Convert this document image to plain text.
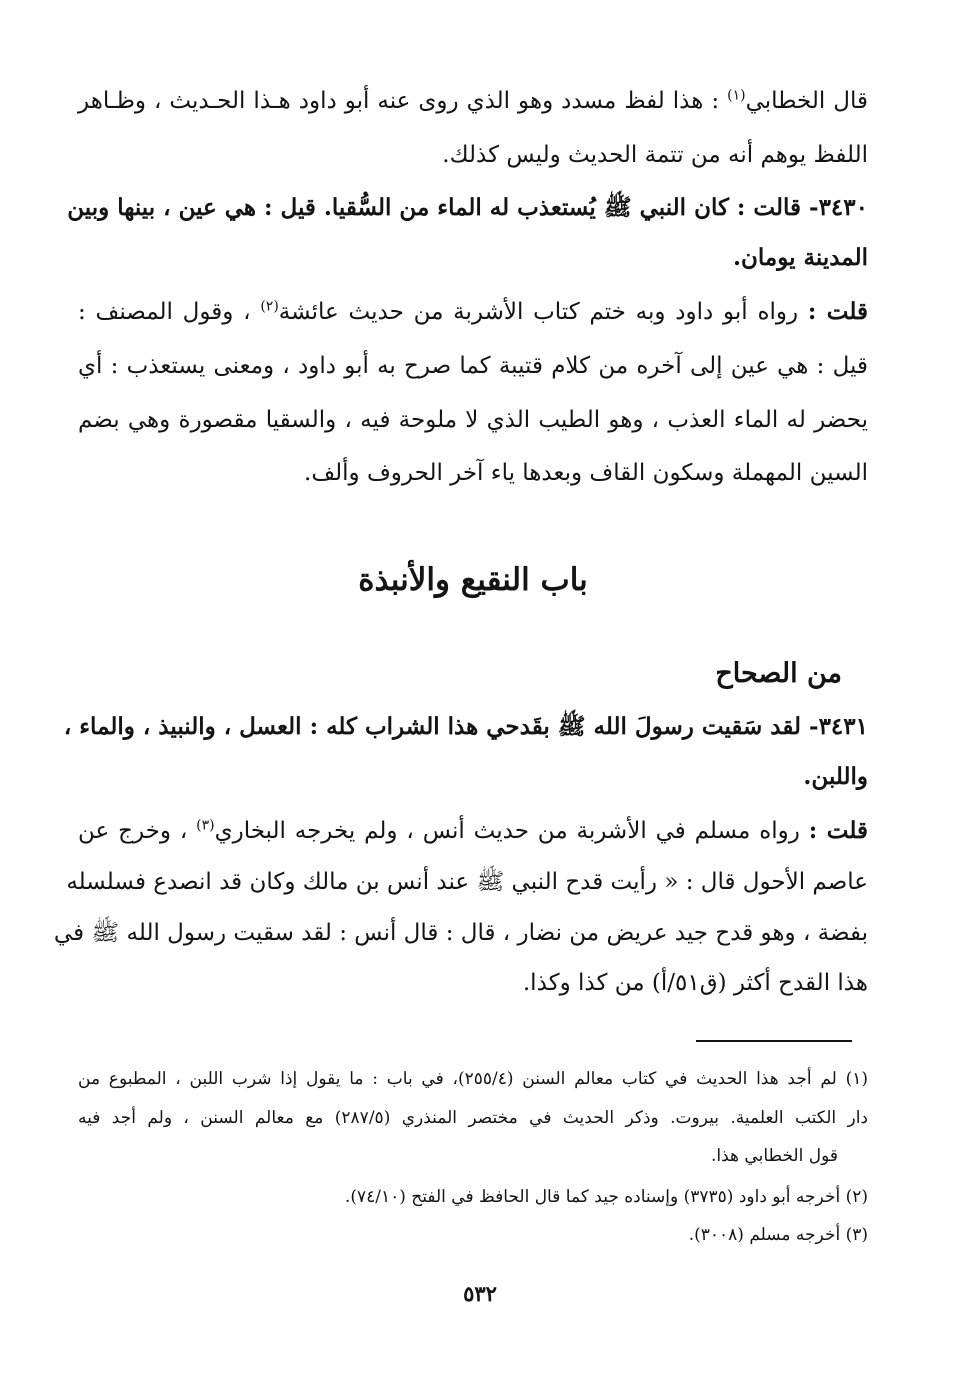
قال الخطابي$^{(١)}$ : هذا لفظ مسدد وهو الذي روى عنه أبو داود هـذا الحـديث ، وظـاهر
اللفظ يوهم أنه من تتمة الحديث وليس كذلك.
٣٤٣٠- قالت : كان النبي ﷺ يُستعذب له الماء من السُّقيا. قيل : هي عين ، بينها وبين
المدينة يومان.
قلت : رواه أبو داود وبه ختم كتاب الأشربة من حديث عائشة$^{(٢)}$ ، وقول المصنف :
قيل : هي عين إلى آخره من كلام قتيبة كما صرح به أبو داود ، ومعنى يستعذب : أي
يحضر له الماء العذب ، وهو الطيب الذي لا ملوحة فيه ، والسقيا مقصورة وهي بضم
السين المهملة وسكون القاف وبعدها ياء آخر الحروف وألف.
باب النقيع والأنبذة
من الصحاح
٣٤٣١- لقد سَقيت رسولَ الله ﷺ بقَدحي هذا الشراب كله : العسل ، والنبيذ ، والماء ،
واللبن.
قلت : رواه مسلم في الأشربة من حديث أنس ، ولم يخرجه البخاري$^{(٣)}$ ، وخرج عن
عاصم الأحول قال : « رأيت قدح النبي ﷺ عند أنس بن مالك وكان قد انصدع فسلسله
بفضة ، وهو قدح جيد عريض من نضار ، قال : قال أنس : لقد سقيت رسول الله ﷺ في
هذا القدح أكثر (ق٥١/أ) من كذا وكذا.
(١) لم أجد هذا الحديث في كتاب معالم السنن (٢٥٥/٤)، في باب : ما يقول إذا شرب اللبن ، المطبوع من
دار الكتب العلمية. بيروت. وذكر الحديث في مختصر المنذري (٢٨٧/٥) مع معالم السنن ، ولم أجد فيه
قول الخطابي هذا.
(٢) أخرجه أبو داود (٣٧٣٥) وإسناده جيد كما قال الحافظ في الفتح (٧٤/١٠).
(٣) أخرجه مسلم (٣٠٠٨).
٥٣٢
